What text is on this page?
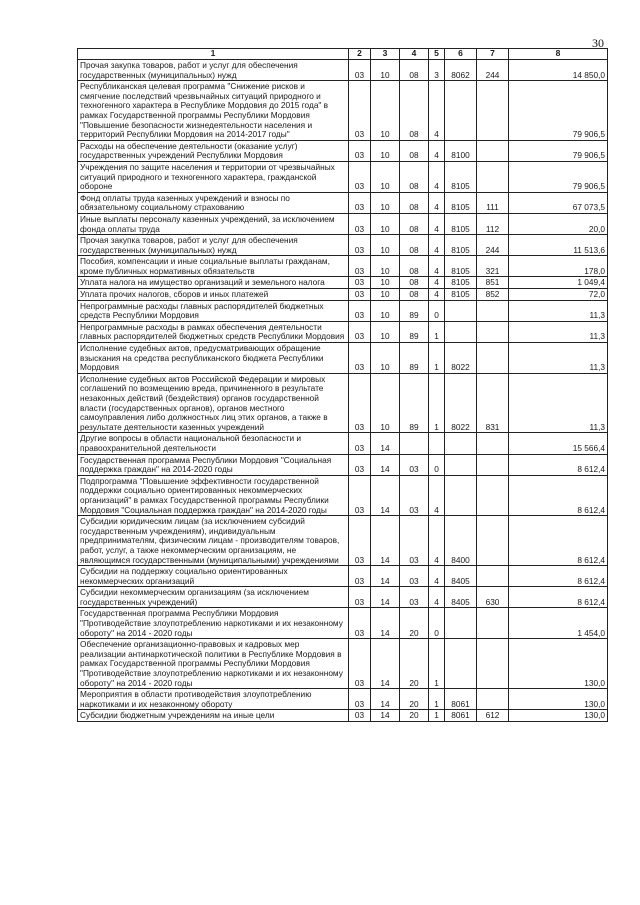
30
1	2	3	4	5	6	7	8
Прочая закупка товаров, работ и услуг для обеспечения государственных (муниципальных) нужд	03	10	08	3	8062	244	14 850,0
Республиканская целевая программа "Снижение рисков и смягчение последствий чрезвычайных ситуаций природного и техногенного характера в Республике Мордовия до 2015 года" в рамках Государственной программы Республики Мордовия "Повышение безопасности жизнедеятельности населения и территорий Республики Мордовия на 2014-2017 годы"	03	10	08	4			79 906,5
Расходы на обеспечение деятельности (оказание услуг) государственных учреждений Республики Мордовия	03	10	08	4	8100		79 906,5
Учреждения по защите населения и территории от чрезвычайных ситуаций природного и техногенного характера, гражданской обороне	03	10	08	4	8105		79 906,5
Фонд оплаты труда казенных учреждений и взносы по обязательному социальному страхованию	03	10	08	4	8105	111	67 073,5
Иные выплаты персоналу казенных учреждений, за исключением фонда оплаты труда	03	10	08	4	8105	112	20,0
Прочая закупка товаров, работ и услуг для обеспечения государственных (муниципальных) нужд	03	10	08	4	8105	244	11 513,6
Пособия, компенсации и иные социальные выплаты гражданам, кроме публичных нормативных обязательств	03	10	08	4	8105	321	178,0
Уплата налога на имущество организаций и земельного налога	03	10	08	4	8105	851	1 049,4
Уплата прочих налогов, сборов и иных платежей	03	10	08	4	8105	852	72,0
Непрограммные расходы главных распорядителей бюджетных средств Республики Мордовия	03	10	89	0			11,3
Непрограммные расходы в рамках обеспечения деятельности главных распорядителей бюджетных средств Республики Мордовия	03	10	89	1			11,3
Исполнение судебных актов, предусматривающих обращение взыскания на средства республиканского бюджета Республики Мордовия	03	10	89	1	8022		11,3
Исполнение судебных актов Российской Федерации и мировых соглашений по возмещению вреда, причиненного в результате незаконных действий (бездействия) органов государственной власти (государственных органов), органов местного самоуправления либо должностных лиц этих органов, а также в результате деятельности казенных учреждений	03	10	89	1	8022	831	11,3
Другие вопросы в области национальной безопасности и правоохранительной деятельности	03	14					15 566,4
Государственная программа Республики Мордовия "Социальная поддержка граждан" на 2014-2020 годы	03	14	03	0			8 612,4
Подпрограмма "Повышение эффективности государственной поддержки социально ориентированных некоммерческих организаций" в рамках Государственной программы Республики Мордовия "Социальная поддержка граждан" на 2014-2020 годы	03	14	03	4			8 612,4
Субсидии юридическим лицам (за исключением субсидий государственным учреждениям), индивидуальным предпринимателям, физическим лицам - производителям товаров, работ, услуг, а также некоммерческим организациям, не являющимся государственными (муниципальными) учреждениями	03	14	03	4	8400		8 612,4
Субсидии на поддержку социально ориентированных некоммерческих организаций	03	14	03	4	8405		8 612,4
Субсидии некоммерческим организациям (за исключением государственных учреждений)	03	14	03	4	8405	630	8 612,4
Государственная программа Республики Мордовия "Противодействие злоупотреблению наркотиками и их незаконному обороту" на 2014 - 2020 годы	03	14	20	0			1 454,0
Обеспечение организационно-правовых и кадровых мер реализации антинаркотической политики в Республике Мордовия в рамках Государственной программы Республики Мордовия "Противодействие злоупотреблению наркотиками и их незаконному обороту" на 2014 - 2020 годы	03	14	20	1			130,0
Мероприятия в области противодействия злоупотреблению наркотиками и их незаконному обороту	03	14	20	1	8061		130,0
Субсидии бюджетным учреждениям на иные цели	03	14	20	1	8061	612	130,0
